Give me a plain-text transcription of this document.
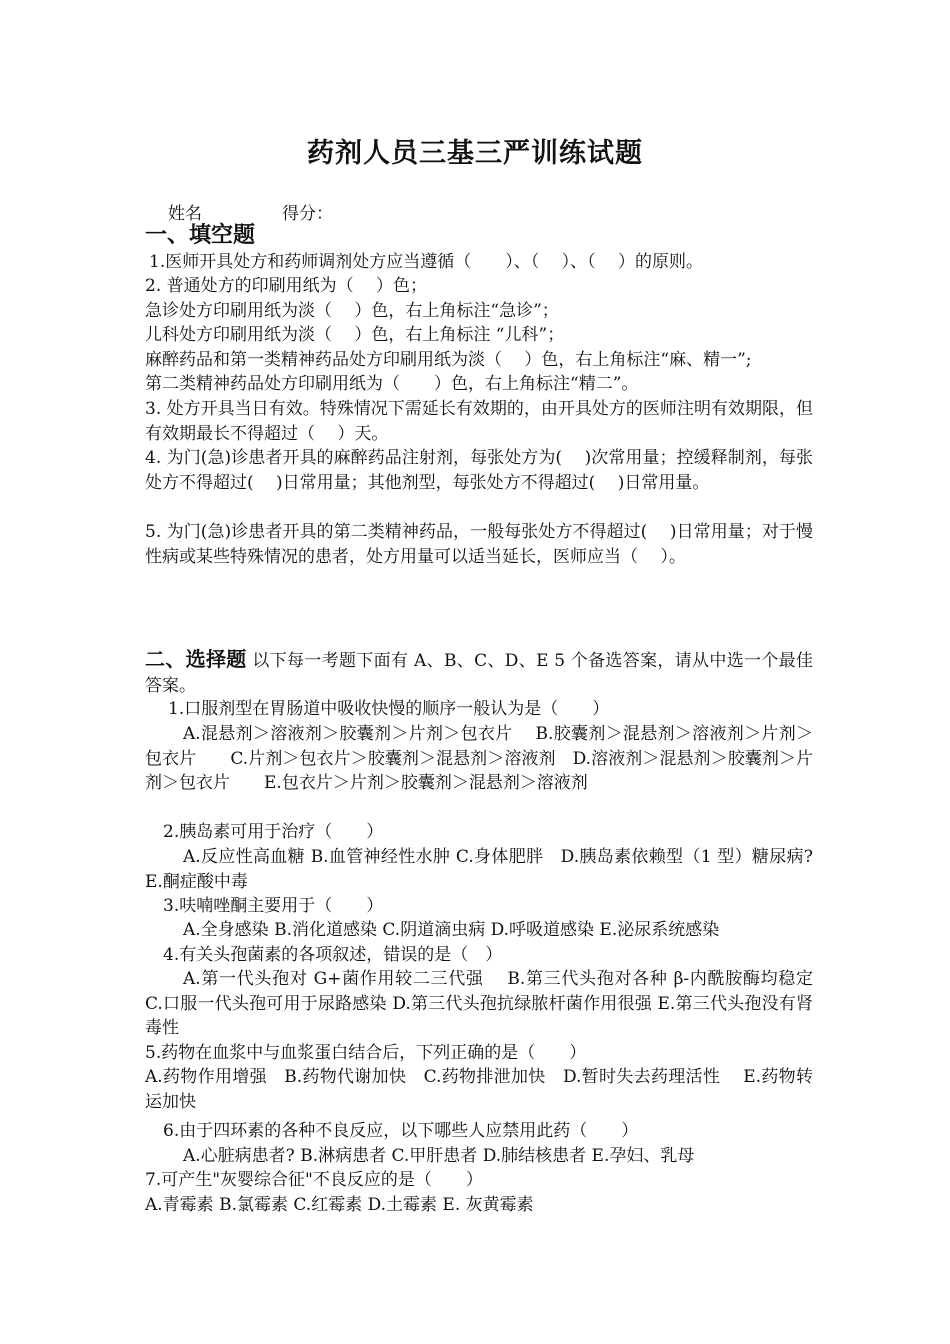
药剂人员三基三严训练试题
姓名	得分：
一、填空题
1.医师开具处方和药师调剂处方应当遵循（　　）、（　 ）、（　 ）的原则。
2. 普通处方的印刷用纸为（　 ）色；
急诊处方印刷用纸为淡（　 ）色，右上角标注“急诊”；
儿科处方印刷用纸为淡（　 ）色，右上角标注 “儿科”；
麻醉药品和第一类精神药品处方印刷用纸为淡（　 ）色，右上角标注“麻、精一”;
第二类精神药品处方印刷用纸为（　　）色，右上角标注“精二”。
3. 处方开具当日有效。特殊情况下需延长有效期的，由开具处方的医师注明有效期限，但有效期最长不得超过（　 ）天。
4. 为门(急)诊患者开具的麻醉药品注射剂，每张处方为(　 )次常用量；控缓释制剂，每张处方不得超过(　 )日常用量；其他剂型，每张处方不得超过(　 )日常用量。
5. 为门(急)诊患者开具的第二类精神药品，一般每张处方不得超过(　 )日常用量；对于慢性病或某些特殊情况的患者，处方用量可以适当延长，医师应当（　 ）。
二、选择题 以下每一考题下面有 A、B、C、D、E 5 个备选答案，请从中选一个最佳答案。
1.口服剂型在胃肠道中吸收快慢的顺序一般认为是（　　）
A.混悬剂＞溶液剂＞胶囊剂＞片剂＞包衣片　 B.胶囊剂＞混悬剂＞溶液剂＞片剂＞包衣片　　C.片剂＞包衣片＞胶囊剂＞混悬剂＞溶液剂　D.溶液剂＞混悬剂＞胶囊剂＞片剂＞包衣片　　E.包衣片＞片剂＞胶囊剂＞混悬剂＞溶液剂
2.胰岛素可用于治疗（　　）
A.反应性高血糖 B.血管神经性水肿 C.身体肥胖　D.胰岛素依赖型（1 型）糖尿病?E.酮症酸中毒
3.呋喃唑酮主要用于（　　）
A.全身感染 B.消化道感染 C.阴道滴虫病 D.呼吸道感染 E.泌尿系统感染
4.有关头孢菌素的各项叙述，错误的是（　）
A.第一代头孢对 G+菌作用较二三代强　 B.第三代头孢对各种 β-内酰胺酶均稳定　　C.口服一代头孢可用于尿路感染 D.第三代头孢抗绿脓杆菌作用很强 E.第三代头孢没有肾毒性
5.药物在血浆中与血浆蛋白结合后，下列正确的是（　　）
A.药物作用增强　B.药物代谢加快　C.药物排泄加快　D.暂时失去药理活性　 E.药物转运加快
6.由于四环素的各种不良反应，以下哪些人应禁用此药（　　）
A.心脏病患者? B.淋病患者 C.甲肝患者 D.肺结核患者 E.孕妇、乳母
7.可产生"灰婴综合征"不良反应的是（　　）
A.青霉素 B.氯霉素 C.红霉素 D.土霉素 E. 灰黄霉素
